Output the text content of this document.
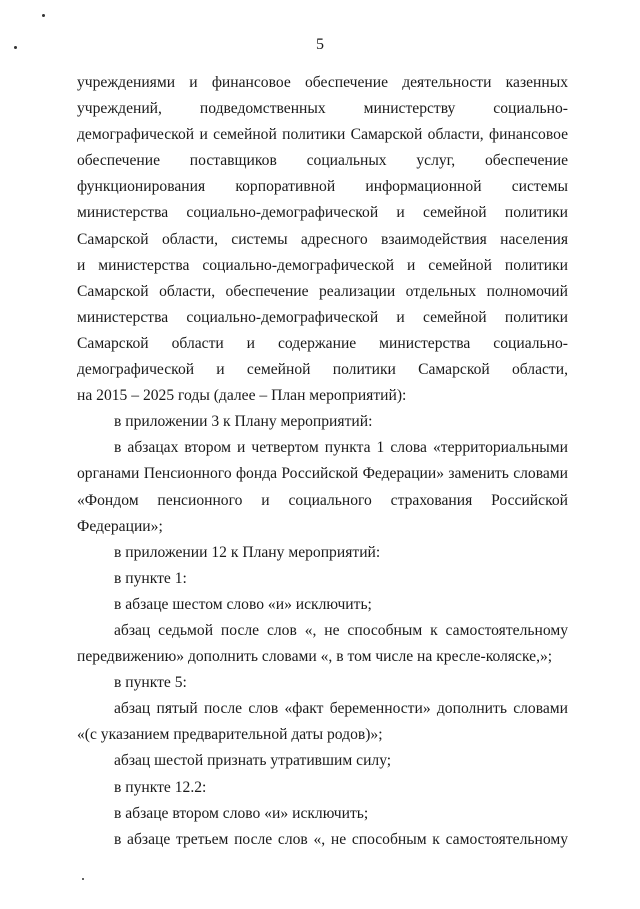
5
учреждениями и финансовое обеспечение деятельности казенных
учреждений, подведомственных министерству социально-
демографической и семейной политики Самарской области, финансовое
обеспечение поставщиков социальных услуг, обеспечение
функционирования корпоративной информационной системы
министерства социально-демографической и семейной политики
Самарской области, системы адресного взаимодействия населения
и министерства социально-демографической и семейной политики
Самарской области, обеспечение реализации отдельных полномочий
министерства социально-демографической и семейной политики
Самарской области и содержание министерства социально-
демографической и семейной политики Самарской области,
на 2015 – 2025 годы (далее – План мероприятий):
в приложении 3 к Плану мероприятий:
в абзацах втором и четвертом пункта 1 слова «территориальными
органами Пенсионного фонда Российской Федерации» заменить словами
«Фондом пенсионного и социального страхования Российской
Федерации»;
в приложении 12 к Плану мероприятий:
в пункте 1:
в абзаце шестом слово «и» исключить;
абзац седьмой после слов «, не способным к самостоятельному
передвижению» дополнить словами «, в том числе на кресле-коляске,»;
в пункте 5:
абзац пятый после слов «факт беременности» дополнить словами
«(с указанием предварительной даты родов)»;
абзац шестой признать утратившим силу;
в пункте 12.2:
в абзаце втором слово «и» исключить;
в абзаце третьем после слов «, не способным к самостоятельному
